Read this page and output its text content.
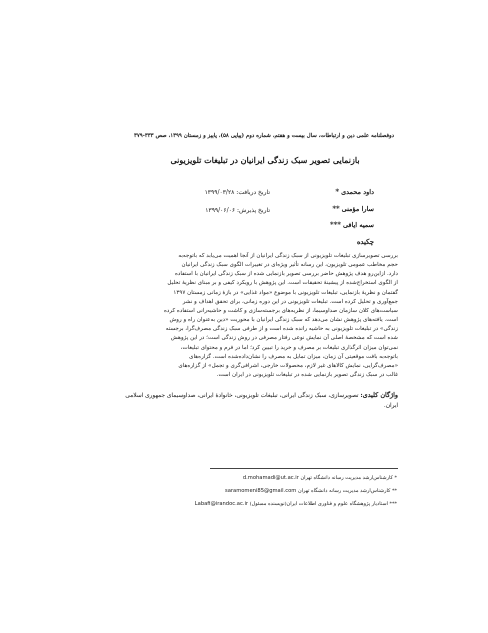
دوفصلنامه علمی دین و ارتباطات، سال بیست و هفتم، شماره دوم (پیاپی ۵۸)، پاییز و زمستان ۱۳۹۹، صص ۳۳۳-۳۷۹
بازنمایی تصویر سبک زندگی ایرانیان در تبلیغات تلویزیونی
داود محمدی*
سارا مؤمنی**
سمیه ایافی***
تاریخ دریافت: ۱۳۹۹/۰۳/۲۸
تاریخ پذیرش: ۱۳۹۹/۰۶/۰۶
چکیده

بررسی تصویرسازی تبلیغات تلویزیونی از سبک زندگی ایرانیان از آنجا اهمیت می‌یابد که باتوجه‌به

حجم مخاطب عمومی تلویزیون، این رسانه تأثیر ویژه‌ای در تغییرات الگوی سبک زندگی ایرانیان

دارد. ازاین‌رو هدف پژوهش حاضر بررسی تصویر بازنمایی شده از سبک زندگی ایرانیان با استفاده

از الگوی استخراج‌شده از پیشینهٔ تحقیقات است. این پژوهش با رویکرد کیفی و بر مبنای نظریهٔ تحلیل

گفتمان و نظریهٔ بازنمایی، تبلیغات تلویزیونی با موضوع «مواد غذایی» در بازهٔ زمانی زمستان ۱۳۹۷

جمع‌آوری و تحلیل کرده است. تبلیغات تلویزیونی در این دوره زمانی، برای تحقق اهداف و نشر

سیاست‌های کلان سازمان صداوسیما، از نظریه‌های برجسته‌سازی و کاشت و حاشیه‌رانی استفاده کرده

است. یافته‌های پژوهش نشان می‌دهد که سبک زندگی ایرانیان با محوریت «دین به‌عنوان راه و روش

زندگی» در تبلیغات تلویزیونی به حاشیه رانده شده است و از طرفی سبک زندگی مصرف‌گرا، برجسته

شده است که مشخصهٔ اصلی آن نمایش نوعی رفتار مصرفی در روش زندگی است؛ در این پژوهش

نمی‌توان میزان اثرگذاری تبلیغات بر مصرف و خرید را تبیین کرد؛ اما در فرم و محتوای تبلیغات،

باتوجه‌به بافت موقعیتی آن زمان، میزان تمایل به مصرف را نشان‌داده‌شده است. گزاره‌های

«مصرف‌گرایی، نمایش کالاهای غیر لازم، محصولات خارجی، اشرافی‌گری و تجمل» از گزاره‌های

غالب در سبک زندگی تصویر بازنمایی شده در تبلیغات تلویزیونی در ایران است.

واژگان کلیدی: تصویرسازی، سبک زندگی ایرانی، تبلیغات تلویزیونی، خانوادهٔ ایرانی، صداوسیمای جمهوری اسلامی ایران.
* کارشناس‌ارشد مدیریت رسانه دانشگاه تهران d.mohamadi@ut.ac.ir
** کارشناس‌ارشد مدیریت رسانه دانشگاه تهران saramomeni85@gmail.com
*** استادیار پژوهشگاه علوم و فناوری اطلاعات ایران(نویسنده مسئول) Labafi@irandoc.ac.ir
